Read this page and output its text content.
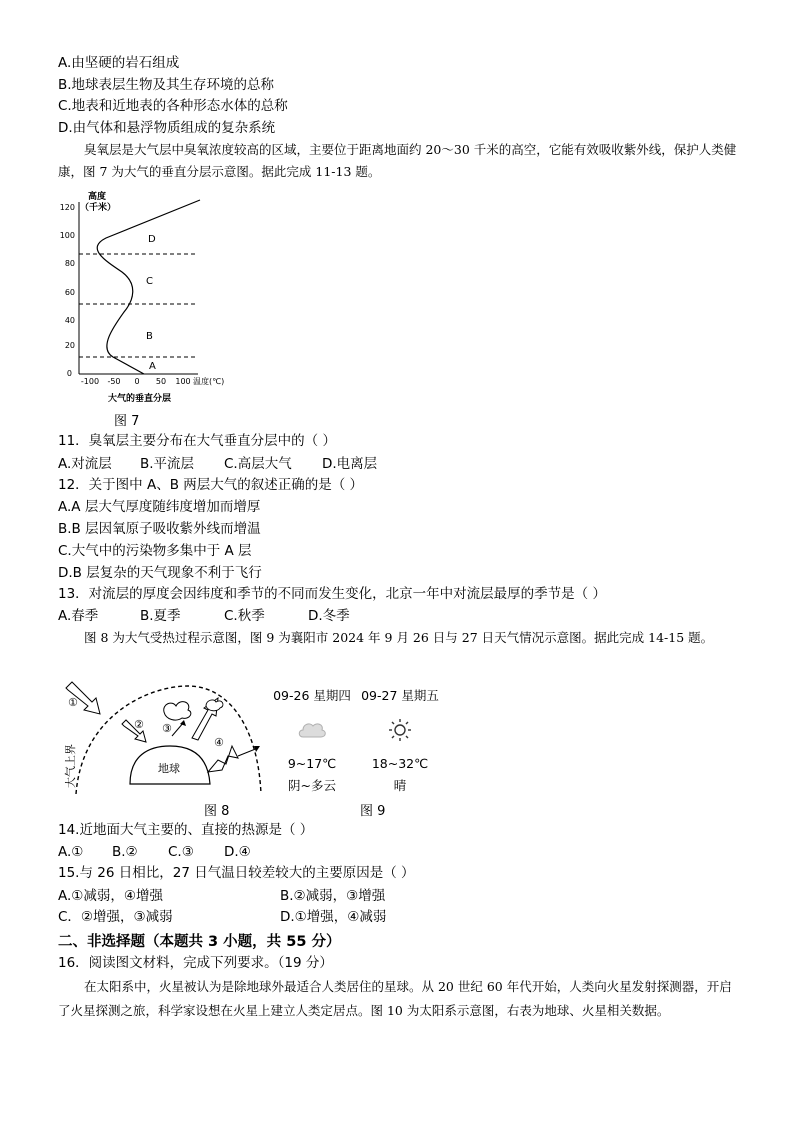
A.由坚硬的岩石组成
B.地球表层生物及其生存环境的总称
C.地表和近地表的各种形态水体的总称
D.由气体和悬浮物质组成的复杂系统
臭氧层是大气层中臭氧浓度较高的区域，主要位于距离地面约 20～30 千米的高空，它能有效吸收紫外线，保护人类健康，图 7 为大气的垂直分层示意图。据此完成 11-13 题。
高度
（千米）
120
100
80
60
40
20
0
-100 -50 0 50 100 温度(℃)
D
C
B
A
大气的垂直分层
图 7
11．臭氧层主要分布在大气垂直分层中的（ ）
A.对流层 B.平流层 C.高层大气 D.电离层
12．关于图中 A、B 两层大气的叙述正确的是（ ）
A.A 层大气厚度随纬度增加而增厚
B.B 层因氧原子吸收紫外线而增温
C.大气中的污染物多集中于 A 层
D.B 层复杂的天气现象不利于飞行
13．对流层的厚度会因纬度和季节的不同而发生变化，北京一年中对流层最厚的季节是（ ）
A.春季	B.夏季	C.秋季	D.冬季
图 8 为大气受热过程示意图，图 9 为襄阳市 2024 年 9 月 26 日与 27 日天气情况示意图。据此完成 14-15 题。
大气上界
①
地球
② ③
④
09-26 星期四
9~17℃
阴~多云
09-27 星期五
18~32℃
晴
图 8	图 9
14.近地面大气主要的、直接的热源是（ ）
A.① B.② C.③ D.④
15.与 26 日相比，27 日气温日较差较大的主要原因是（ ）
A.①减弱，④增强	B.②减弱，③增强
C．②增强，③减弱	D.①增强，④减弱
二、非选择题（本题共 3 小题，共 55 分）
16．阅读图文材料，完成下列要求。（19 分）
在太阳系中，火星被认为是除地球外最适合人类居住的星球。从 20 世纪 60 年代开始，人类向火星发射探测器，开启了火星探测之旅，科学家设想在火星上建立人类定居点。图 10 为太阳系示意图，右表为地球、火星相关数据。
